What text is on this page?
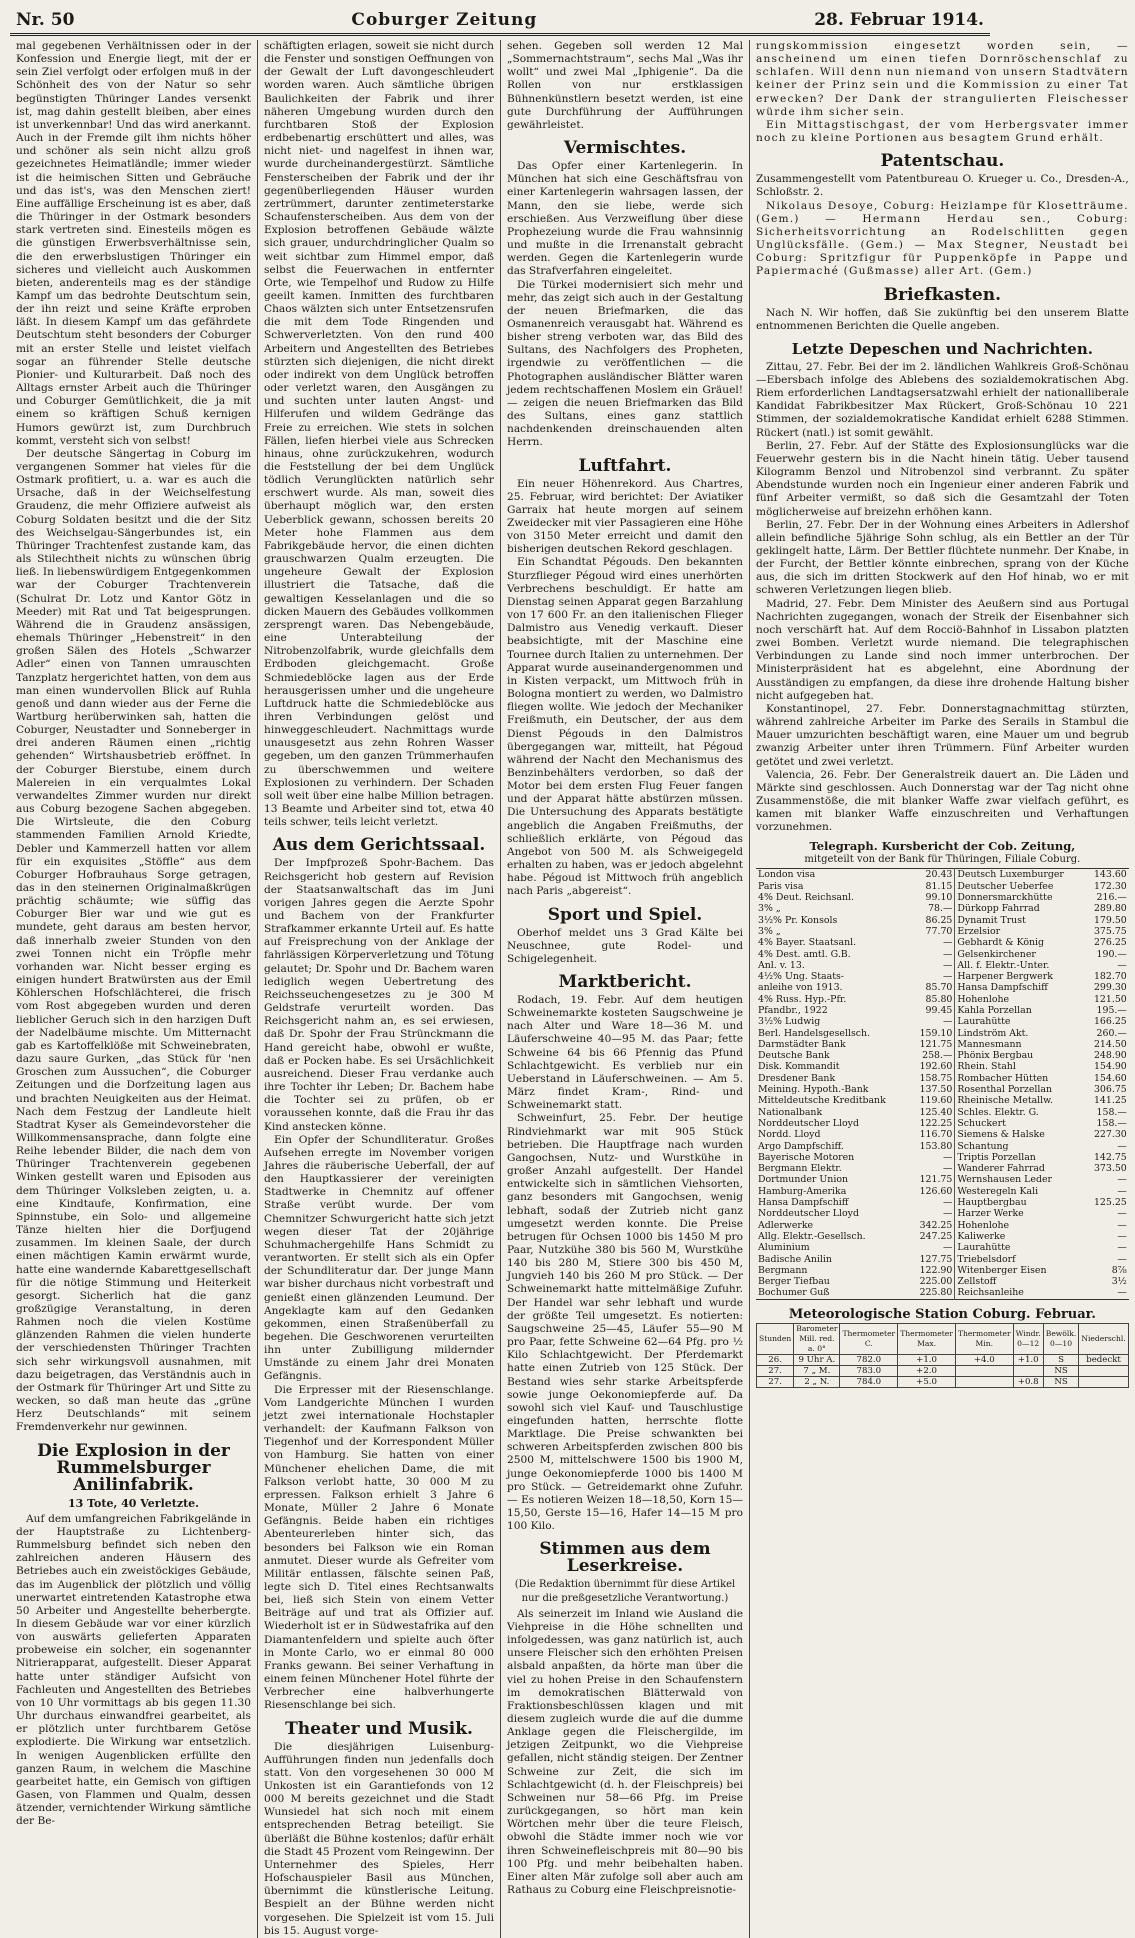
Nr. 50	Coburger Zeitung	28. Februar 1914.

mal gegebenen Verhältnissen oder in der Konfession und Energie liegt, mit der er sein Ziel verfolgt oder erfolgen muß in der Schönheit des von der Natur so sehr begünstigten Thüringer Landes versenkt ist, mag dahin gestellt bleiben, aber eines ist unverkennbar! Und das wird anerkannt. Auch in der Fremde gilt ihm nichts höher und schöner als sein nicht allzu groß gezeichnetes Heimatländle; immer wieder ist die heimischen Sitten und Gebräuche und das ist's, was den Menschen ziert! Eine auffällige Erscheinung ist es aber, daß die Thüringer in der Ostmark besonders stark vertreten sind. Einesteils mögen es die günstigen Erwerbsverhältnisse sein, die den erwerbslustigen Thüringer ein sicheres und vielleicht auch Auskommen bieten, anderenteils mag es der ständige Kampf um das bedrohte Deutschtum sein, der ihn reizt und seine Kräfte erproben läßt. In diesem Kampf um das gefährdete Deutschtum steht besonders der Coburger mit an erster Stelle und leistet vielfach sogar an führender Stelle deutsche Pionier- und Kulturarbeit. Daß noch des Alltags ernster Arbeit auch die Thüringer und Coburger Gemütlichkeit, die ja mit einem so kräftigen Schuß kernigen Humors gewürzt ist, zum Durchbruch kommt, versteht sich von selbst!

Der deutsche Sängertag in Coburg im vergangenen Sommer hat vieles für die Ostmark profitiert, u. a. war es auch die Ursache, daß in der Weichselfestung Graudenz, die mehr Offiziere aufweist als Coburg Soldaten besitzt und die der Sitz des Weichselgau-Sängerbundes ist, ein Thüringer Trachtenfest zustande kam, das als Stilechtheit nichts zu wünschen übrig ließ. In liebenswürdigem Entgegenkommen war der Coburger Trachtenverein (Schulrat Dr. Lotz und Kantor Götz in Meeder) mit Rat und Tat beigesprungen. Während die in Graudenz ansässigen, ehemals Thüringer „Hebenstreit“ in den großen Sälen des Hotels „Schwarzer Adler“ einen von Tannen umrauschten Tanzplatz hergerichtet hatten, von dem aus man einen wundervollen Blick auf Ruhla genoß und dann wieder aus der Ferne die Wartburg herüberwinken sah, hatten die Coburger, Neustadter und Sonneberger in drei anderen Räumen einen „richtig gehenden“ Wirtshausbetrieb eröffnet. In der Coburger Bierstube, einem durch Malereien in ein verqualmtes Lokal verwandeltes Zimmer wurden nur direkt aus Coburg bezogene Sachen abgegeben. Die Wirtsleute, die den Coburg stammenden Familien Arnold Kriedte, Debler und Kammerzell hatten vor allem für ein exquisites „Stöffle“ aus dem Coburger Hofbrauhaus Sorge getragen, das in den steinernen Originalmaßkrügen prächtig schäumte; wie süffig das Coburger Bier war und wie gut es mundete, geht daraus am besten hervor, daß innerhalb zweier Stunden von den zwei Tonnen nicht ein Tröpfle mehr vorhanden war. Nicht besser erging es einigen hundert Bratwürsten aus der Emil Köhlerschen Hofschlächterei, die frisch vom Rost abgegeben wurden und deren lieblicher Geruch sich in den harzigen Duft der Nadelbäume mischte. Um Mitternacht gab es Kartoffelklöße mit Schweinebraten, dazu saure Gurken, „das Stück für 'nen Groschen zum Aussuchen“, die Coburger Zeitungen und die Dorfzeitung lagen aus und brachten Neuigkeiten aus der Heimat. Nach dem Festzug der Landleute hielt Stadtrat Kyser als Gemeindevorsteher die Willkommensansprache, dann folgte eine Reihe lebender Bilder, die nach dem von Thüringer Trachtenverein gegebenen Winken gestellt waren und Episoden aus dem Thüringer Volksleben zeigten, u. a. eine Kindtaufe, Konfirmation, eine Spinnstube, ein Solo- und allgemeine Tänze hielten hier die Dorfjugend zusammen. Im kleinen Saale, der durch einen mächtigen Kamin erwärmt wurde, hatte eine wandernde Kabarettgesellschaft für die nötige Stimmung und Heiterkeit gesorgt. Sicherlich hat die ganz großzügige Veranstaltung, in deren Rahmen noch die vielen Kostüme glänzenden Rahmen die vielen hunderte der verschiedensten Thüringer Trachten sich sehr wirkungsvoll ausnahmen, mit dazu beigetragen, das Verständnis auch in der Ostmark für Thüringer Art und Sitte zu wecken, so daß man heute das „grüne Herz Deutschlands“ mit seinem Fremdenverkehr nur gewinnen.

Die Explosion in der Rummelsburger Anilinfabrik.
13 Tote, 40 Verletzte.

Auf dem umfangreichen Fabrikgelände in der Hauptstraße zu Lichtenberg-Rummelsburg befindet sich neben den zahlreichen anderen Häusern des Betriebes auch ein zweistöckiges Gebäude, das im Augenblick der plötzlich und völlig unerwartet eintretenden Katastrophe etwa 50 Arbeiter und Angestellte beherbergte. In diesem Gebäude war vor einer kürzlich von auswärts gelieferten Apparaten probeweise ein solcher, ein sogenannter Nitrierapparat, aufgestellt. Dieser Apparat hatte unter ständiger Aufsicht von Fachleuten und Angestellten des Betriebes von 10 Uhr vormittags ab bis gegen 11.30 Uhr durchaus einwandfrei gearbeitet, als er plötzlich unter furchtbarem Getöse explodierte. Die Wirkung war entsetzlich. In wenigen Augenblicken erfüllte den ganzen Raum, in welchem die Maschine gearbeitet hatte, ein Gemisch von giftigen Gasen, von Flammen und Qualm, dessen ätzender, vernichtender Wirkung sämtliche der Be-

schäftigten erlagen, soweit sie nicht durch die Fenster und sonstigen Oeffnungen von der Gewalt der Luft davongeschleudert worden waren. Auch sämtliche übrigen Baulichkeiten der Fabrik und ihrer näheren Umgebung wurden durch den furchtbaren Stoß der Explosion erdbebenartig erschüttert und alles, was nicht niet- und nagelfest in ihnen war, wurde durcheinandergestürzt. Sämtliche Fensterscheiben der Fabrik und der ihr gegenüberliegenden Häuser wurden zertrümmert, darunter zentimeterstarke Schaufensterscheiben. Aus dem von der Explosion betroffenen Gebäude wälzte sich grauer, undurchdringlicher Qualm so weit sichtbar zum Himmel empor, daß selbst die Feuerwachen in entfernter Orte, wie Tempelhof und Rudow zu Hilfe geeilt kamen. Inmitten des furchtbaren Chaos wälzten sich unter Entsetzensrufen die mit dem Tode Ringenden und Schwerverletzten. Von den rund 400 Arbeitern und Angestellten des Betriebes stürzten sich diejenigen, die nicht direkt oder indirekt von dem Unglück betroffen oder verletzt waren, den Ausgängen zu und suchten unter lauten Angst- und Hilferufen und wildem Gedränge das Freie zu erreichen. Wie stets in solchen Fällen, liefen hierbei viele aus Schrecken hinaus, ohne zurückzukehren, wodurch die Feststellung der bei dem Unglück tödlich Verunglückten natürlich sehr erschwert wurde. Als man, soweit dies überhaupt möglich war, den ersten Ueberblick gewann, schossen bereits 20 Meter hohe Flammen aus dem Fabrikgebäude hervor, die einen dichten grauschwarzen Qualm erzeugten. Die ungeheure Gewalt der Explosion illustriert die Tatsache, daß die gewaltigen Kesselanlagen und die so dicken Mauern des Gebäudes vollkommen zersprengt waren. Das Nebengebäude, eine Unterabteilung der Nitrobenzolfabrik, wurde gleichfalls dem Erdboden gleichgemacht. Große Schmiedeblöcke lagen aus der Erde herausgerissen umher und die ungeheure Luftdruck hatte die Schmiedeblöcke aus ihren Verbindungen gelöst und hinweggeschleudert. Nachmittags wurde unausgesetzt aus zehn Rohren Wasser gegeben, um den ganzen Trümmerhaufen zu überschwemmen und weitere Explosionen zu verhindern. Der Schaden soll weit über eine halbe Million betragen. 13 Beamte und Arbeiter sind tot, etwa 40 teils schwer, teils leicht verletzt.

Aus dem Gerichtssaal.

Der Impfprozeß Spohr-Bachem. Das Reichsgericht hob gestern auf Revision der Staatsanwaltschaft das im Juni vorigen Jahres gegen die Aerzte Spohr und Bachem von der Frankfurter Strafkammer erkannte Urteil auf. Es hatte auf Freisprechung von der Anklage der fahrlässigen Körperverletzung und Tötung gelautet; Dr. Spohr und Dr. Bachem waren lediglich wegen Uebertretung des Reichsseuchengesetzes zu je 300 M Geldstrafe verurteilt worden. Das Reichsgericht nahm an, es sei erwiesen, daß Dr. Spohr der Frau Strünckmann die Hand gereicht habe, obwohl er wußte, daß er Pocken habe. Es sei Ursächlichkeit ausreichend. Dieser Frau verdanke auch ihre Tochter ihr Leben; Dr. Bachem habe die Tochter sei zu prüfen, ob er voraussehen konnte, daß die Frau ihr das Kind anstecken könne.

Ein Opfer der Schundliteratur. Großes Aufsehen erregte im November vorigen Jahres die räuberische Ueberfall, der auf den Hauptkassierer der vereinigten Stadtwerke in Chemnitz auf offener Straße verübt wurde. Der vom Chemnitzer Schwurgericht hatte sich jetzt wegen dieser Tat der 20jährige Schuhmachergehilfe Hans Schmidt zu verantworten. Er stellt sich als ein Opfer der Schundliteratur dar. Der junge Mann war bisher durchaus nicht vorbestraft und genießt einen glänzenden Leumund. Der Angeklagte kam auf den Gedanken gekommen, einen Straßenüberfall zu begehen. Die Geschworenen verurteilten ihn unter Zubilligung mildernder Umstände zu einem Jahr drei Monaten Gefängnis.

Die Erpresser mit der Riesenschlange. Vom Landgerichte München I wurden jetzt zwei internationale Hochstapler verhandelt: der Kaufmann Falkson von Tiegenhof und der Korrespondent Müller von Hamburg. Sie hatten von einer Münchener ehelichen Dame, die mit Falkson verlobt hatte, 30 000 M zu erpressen. Falkson erhielt 3 Jahre 6 Monate, Müller 2 Jahre 6 Monate Gefängnis. Beide haben ein richtiges Abenteurerleben hinter sich, das besonders bei Falkson wie ein Roman anmutet. Dieser wurde als Gefreiter vom Militär entlassen, fälschte seinen Paß, legte sich D. Titel eines Rechtsanwalts bei, ließ sich Stein von einem Vetter Beiträge auf und trat als Offizier auf. Wiederholt ist er in Südwestafrika auf den Diamantenfeldern und spielte auch öfter in Monte Carlo, wo er einmal 80 000 Franks gewann. Bei seiner Verhaftung in einem feinen Münchener Hotel führte der Verbrecher eine halbverhungerte Riesenschlange bei sich.

Theater und Musik.

Die diesjährigen Luisenburg-Aufführungen finden nun jedenfalls doch statt. Von den vorgesehenen 30 000 M Unkosten ist ein Garantiefonds von 12 000 M bereits gezeichnet und die Stadt Wunsiedel hat sich noch mit einem entsprechenden Betrag beteiligt. Sie überläßt die Bühne kostenlos; dafür erhält die Stadt 45 Prozent vom Reingewinn. Der Unternehmer des Spieles, Herr Hofschauspieler Basil aus München, übernimmt die künstlerische Leitung. Bespielt an der Bühne werden nicht vorgesehen. Die Spielzeit ist vom 15. Juli bis 15. August vorge-

sehen. Gegeben soll werden 12 Mal „Sommernachtstraum“, sechs Mal „Was ihr wollt“ und zwei Mal „Iphigenie“. Da die Rollen von nur erstklassigen Bühnenkünstlern besetzt werden, ist eine gute Durchführung der Aufführungen gewährleistet.

Vermischtes.

Das Opfer einer Kartenlegerin. In München hat sich eine Geschäftsfrau von einer Kartenlegerin wahrsagen lassen, der Mann, den sie liebe, werde sich erschießen. Aus Verzweiflung über diese Prophezeiung wurde die Frau wahnsinnig und mußte in die Irrenanstalt gebracht werden. Gegen die Kartenlegerin wurde das Strafverfahren eingeleitet.

Die Türkei modernisiert sich mehr und mehr, das zeigt sich auch in der Gestaltung der neuen Briefmarken, die das Osmanenreich verausgabt hat. Während es bisher streng verboten war, das Bild des Sultans, des Nachfolgers des Propheten, irgendwie zu veröffentlichen — die Photographen ausländischer Blätter waren jedem rechtschaffenen Moslem ein Gräuel! — zeigen die neuen Briefmarken das Bild des Sultans, eines ganz stattlich nachdenkenden dreinschauenden alten Herrn.

Luftfahrt.

Ein neuer Höhenrekord. Aus Chartres, 25. Februar, wird berichtet: Der Aviatiker Garraix hat heute morgen auf seinem Zweidecker mit vier Passagieren eine Höhe von 3150 Meter erreicht und damit den bisherigen deutschen Rekord geschlagen.

Ein Schandtat Pégouds. Den bekannten Sturzflieger Pégoud wird eines unerhörten Verbrechens beschuldigt. Er hatte am Dienstag seinen Apparat gegen Barzahlung von 17 600 Fr. an den italienischen Flieger Dalmistro aus Venedig verkauft. Dieser beabsichtigte, mit der Maschine eine Tournee durch Italien zu unternehmen. Der Apparat wurde auseinandergenommen und in Kisten verpackt, um Mittwoch früh in Bologna montiert zu werden, wo Dalmistro fliegen wollte. Wie jedoch der Mechaniker Freißmuth, ein Deutscher, der aus dem Dienst Pégouds in den Dalmistros übergegangen war, mitteilt, hat Pégoud während der Nacht den Mechanismus des Benzinbehälters verdorben, so daß der Motor bei dem ersten Flug Feuer fangen und der Apparat hätte abstürzen müssen. Die Untersuchung des Apparats bestätigte angeblich die Angaben Freißmuths, der schließlich erklärte, von Pégoud das Angebot von 500 M. als Schweigegeld erhalten zu haben, was er jedoch abgelehnt habe. Pégoud ist Mittwoch früh angeblich nach Paris „abgereist“.

Sport und Spiel.

Oberhof meldet uns 3 Grad Kälte bei Neuschnee, gute Rodel- und Schigelegenheit.

Marktbericht.

Rodach, 19. Febr. Auf dem heutigen Schweinemarkte kosteten Saugschweine je nach Alter und Ware 18—36 M. und Läuferschweine 40—95 M. das Paar; fette Schweine 64 bis 66 Pfennig das Pfund Schlachtgewicht. Es verblieb nur ein Ueberstand in Läuferschweinen. — Am 5. März findet Kram-, Rind- und Schweinemarkt statt.

Schweinfurt, 25. Febr. Der heutige Rindviehmarkt war mit 905 Stück betrieben. Die Hauptfrage nach wurden Gangochsen, Nutz- und Wurstkühe in großer Anzahl aufgestellt. Der Handel entwickelte sich in sämtlichen Viehsorten, ganz besonders mit Gangochsen, wenig lebhaft, sodaß der Zutrieb nicht ganz umgesetzt werden konnte. Die Preise betrugen für Ochsen 1000 bis 1450 M pro Paar, Nutzkühe 380 bis 560 M, Wurstkühe 140 bis 280 M, Stiere 300 bis 450 M, Jungvieh 140 bis 260 M pro Stück. — Der Schweinemarkt hatte mittelmäßige Zufuhr. Der Handel war sehr lebhaft und wurde der größte Teil umgesetzt. Es notierten: Saugschweine 25—45, Läufer 55—90 M pro Paar, fette Schweine 62—64 Pfg. pro ½ Kilo Schlachtgewicht. Der Pferdemarkt hatte einen Zutrieb von 125 Stück. Der Bestand wies sehr starke Arbeitspferde sowie junge Oekonomiepferde auf. Da sowohl sich viel Kauf- und Tauschlustige eingefunden hatten, herrschte flotte Marktlage. Die Preise schwankten bei schweren Arbeitspferden zwischen 800 bis 2500 M, mittelschwere 1500 bis 1900 M, junge Oekonomiepferde 1000 bis 1400 M pro Stück. — Getreidemarkt ohne Zufuhr. — Es notieren Weizen 18—18,50, Korn 15—15,50, Gerste 15—16, Hafer 14—15 M pro 100 Kilo.

Stimmen aus dem Leserkreise.
(Die Redaktion übernimmt für diese Artikel nur die preßgesetzliche Verantwortung.)

Als seinerzeit im Inland wie Ausland die Viehpreise in die Höhe schnellten und infolgedessen, was ganz natürlich ist, auch unsere Fleischer sich den erhöhten Preisen alsbald anpaßten, da hörte man über die viel zu hohen Preise in den Schaufenstern im demokratischen Blätterwald von Fraktionsbeschlüssen klagen und mit diesem zugleich wurde die auf die dumme Anklage gegen die Fleischergilde, im jetzigen Zeitpunkt, wo die Viehpreise gefallen, nicht ständig steigen. Der Zentner Schweine zur Zeit, die sich im Schlachtgewicht (d. h. der Fleischpreis) bei Schweinen nur 58—66 Pfg. im Preise zurückgegangen, so hört man kein Wörtchen mehr über die teure Fleisch, obwohl die Städte immer noch wie vor ihren Schweinefleischpreis mit 80—90 bis 100 Pfg. und mehr beibehalten haben. Einer alten Mär zufolge soll aber auch am Rathaus zu Coburg eine Fleischpreisnotie-

rungskommission eingesetzt worden sein, — anscheinend um einen tiefen Dornröschenschlaf zu schlafen. Will denn nun niemand von unsern Stadtvätern keiner der Prinz sein und die Kommission zu einer Tat erwecken? Der Dank der strangulierten Fleischesser würde ihm sicher sein.

Ein Mittagstischgast, der vom Herbergsvater immer noch zu kleine Portionen aus besagtem Grund erhält.

Patentschau.

Zusammengestellt vom Patentbureau O. Krueger u. Co., Dresden-A., Schloßstr. 2.

Nikolaus Desoye, Coburg: Heizlampe für Klosetträume. (Gem.) — Hermann Herdau sen., Coburg: Sicherheitsvorrichtung an Rodelschlitten gegen Unglücksfälle. (Gem.) — Max Stegner, Neustadt bei Coburg: Spritzfigur für Puppenköpfe in Pappe und Papiermaché (Gußmasse) aller Art. (Gem.)

Briefkasten.

Nach N. Wir hoffen, daß Sie zukünftig bei den unserem Blatte entnommenen Berichten die Quelle angeben.

Letzte Depeschen und Nachrichten.

Zittau, 27. Febr. Bei der im 2. ländlichen Wahlkreis Groß-Schönau—Ebersbach infolge des Ablebens des sozialdemokratischen Abg. Riem erforderlichen Landtagsersatzwahl erhielt der nationalliberale Kandidat Fabrikbesitzer Max Rückert, Groß-Schönau 10 221 Stimmen, der sozialdemokratische Kandidat erhielt 6288 Stimmen. Rückert (natl.) ist somit gewählt.

Berlin, 27. Febr. Auf der Stätte des Explosionsunglücks war die Feuerwehr gestern bis in die Nacht hinein tätig. Ueber tausend Kilogramm Benzol und Nitrobenzol sind verbrannt. Zu später Abendstunde wurden noch ein Ingenieur einer anderen Fabrik und fünf Arbeiter vermißt, so daß sich die Gesamtzahl der Toten möglicherweise auf breizehn erhöhen kann.

Berlin, 27. Febr. Der in der Wohnung eines Arbeiters in Adlershof allein befindliche 5jährige Sohn schlug, als ein Bettler an der Tür geklingelt hatte, Lärm. Der Bettler flüchtete nunmehr. Der Knabe, in der Furcht, der Bettler könnte einbrechen, sprang von der Küche aus, die sich im dritten Stockwerk auf den Hof hinab, wo er mit schweren Verletzungen liegen blieb.

Madrid, 27. Febr. Dem Minister des Aeußern sind aus Portugal Nachrichten zugegangen, wonach der Streik der Eisenbahner sich noch verschärft hat. Auf dem Rocciö-Bahnhof in Lissabon platzten zwei Bomben. Verletzt wurde niemand. Die telegraphischen Verbindungen zu Lande sind noch immer unterbrochen. Der Ministerpräsident hat es abgelehnt, eine Abordnung der Ausständigen zu empfangen, da diese ihre drohende Haltung bisher nicht aufgegeben hat.

Konstantinopel, 27. Febr. Donnerstagnachmittag stürzten, während zahlreiche Arbeiter im Parke des Serails in Stambul die Mauer umzurichten beschäftigt waren, eine Mauer um und begrub zwanzig Arbeiter unter ihren Trümmern. Fünf Arbeiter wurden getötet und zwei verletzt.

Valencia, 26. Febr. Der Generalstreik dauert an. Die Läden und Märkte sind geschlossen. Auch Donnerstag war der Tag nicht ohne Zusammenstöße, die mit blanker Waffe zwar vielfach geführt, es kamen mit blanker Waffe einzuschreiten und Verhaftungen vorzunehmen.

Telegraph. Kursbericht der Cob. Zeitung,
mitgeteilt von der Bank für Thüringen, Filiale Coburg.
London visa	20.43	Deutsch Luxemburger	143.60
Paris visa	81.15	Deutscher Ueberfee	172.30
4% Deut. Reichsanl.	99.10	Donnersmarckhütte	216.—
3% „	78.—	Dürkopp Fahrrad	289.80
3½% Pr. Konsols	86.25	Dynamit Trust	179.50
3% „	77.70	Erzelsior	375.75
4% Bayer. Staatsanl.	—	Gebhardt & König	276.25
4% Dest. amtl. G.B.	—	Gelsenkirchener	190.—
Anl. v. 13.	—	All. f. Elektr.-Unter.	—
4½% Ung. Staats-	—	Harpener Bergwerk	182.70
anleihe von 1913.	85.70	Hansa Dampfschiff	299.30
4% Russ. Hyp.-Pfr.	85.80	Hohenlohe	121.50
Pfandbr., 1922	99.45	Kahla Porzellan	195.—
3½% Ludwig	—	Laurahütte	166.25
Berl. Handelsgesellsch.	159.10	Lindström Akt.	260.—
Darmstädter Bank	121.75	Mannesmann	214.50
Deutsche Bank	258.—	Phönix Bergbau	248.90
Disk. Kommandit	192.60	Rhein. Stahl	154.90
Dresdener Bank	158.75	Rombacher Hütten	154.60
Meining. Hypoth.-Bank	137.50	Rosenthal Porzellan	306.75
Mitteldeutsche Kreditbank	119.60	Rheinische Metallw.	141.25
Nationalbank	125.40	Schles. Elektr. G.	158.—
Norddeutscher Lloyd	122.25	Schuckert	158.—
Nordd. Lloyd	116.70	Siemens & Halske	227.30
Argo Dampfschiff.	153.80	Schantung	—
Bayerische Motoren	—	Triptis Porzellan	142.75
Bergmann Elektr.	—	Wanderer Fahrrad	373.50
Dortmunder Union	121.75	Wernshausen Leder	—
Hamburg-Amerika	126.60	Westeregeln Kali	—
Hansa Dampfschiff	—	Hauptbergbau	125.25
Norddeutscher Lloyd	—	Harzer Werke	—
Adlerwerke	342.25	Hohenlohe	—
Allg. Elektr.-Gesellsch.	247.25	Kaliwerke	—
Aluminium	—	Laurahütte	—
Badische Anilin	127.75	Triebelsdorf	—
Bergmann	122.90	Witenberger Eisen	8⅞
Berger Tiefbau	225.00	Zellstoff	3½
Bochumer Guß	225.80	Reichsanleihe	—
Meteorologische Station Coburg. Februar.
Stunden	Barometer Mill. red. a. 0°	Thermometer C.	Thermometer Max.	Thermometer Min.	Windr. 0—12	Bewölk. 0—10	Niederschl.
26.	9 Uhr A.	782.0	+1.0	+4.0	+1.0	S	bedeckt
27.	7 „ M.	783.0	+2.0			NS	
27.	2 „ N.	784.0	+5.0		+0.8	NS	
